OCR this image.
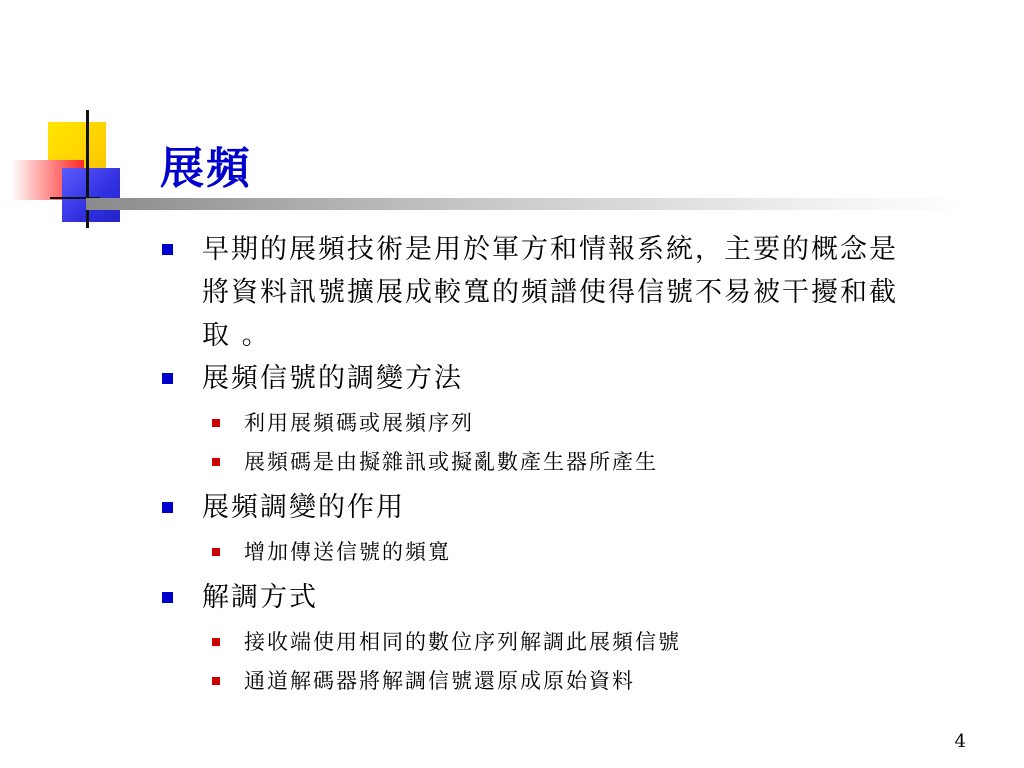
展頻
早期的展頻技術是用於軍方和情報系統，主要的概念是將資料訊號擴展成較寬的頻譜使得信號不易被干擾和截取 。
展頻信號的調變方法
利用展頻碼或展頻序列
展頻碼是由擬雜訊或擬亂數產生器所產生
展頻調變的作用
增加傳送信號的頻寬
解調方式
接收端使用相同的數位序列解調此展頻信號
通道解碼器將解調信號還原成原始資料
4
